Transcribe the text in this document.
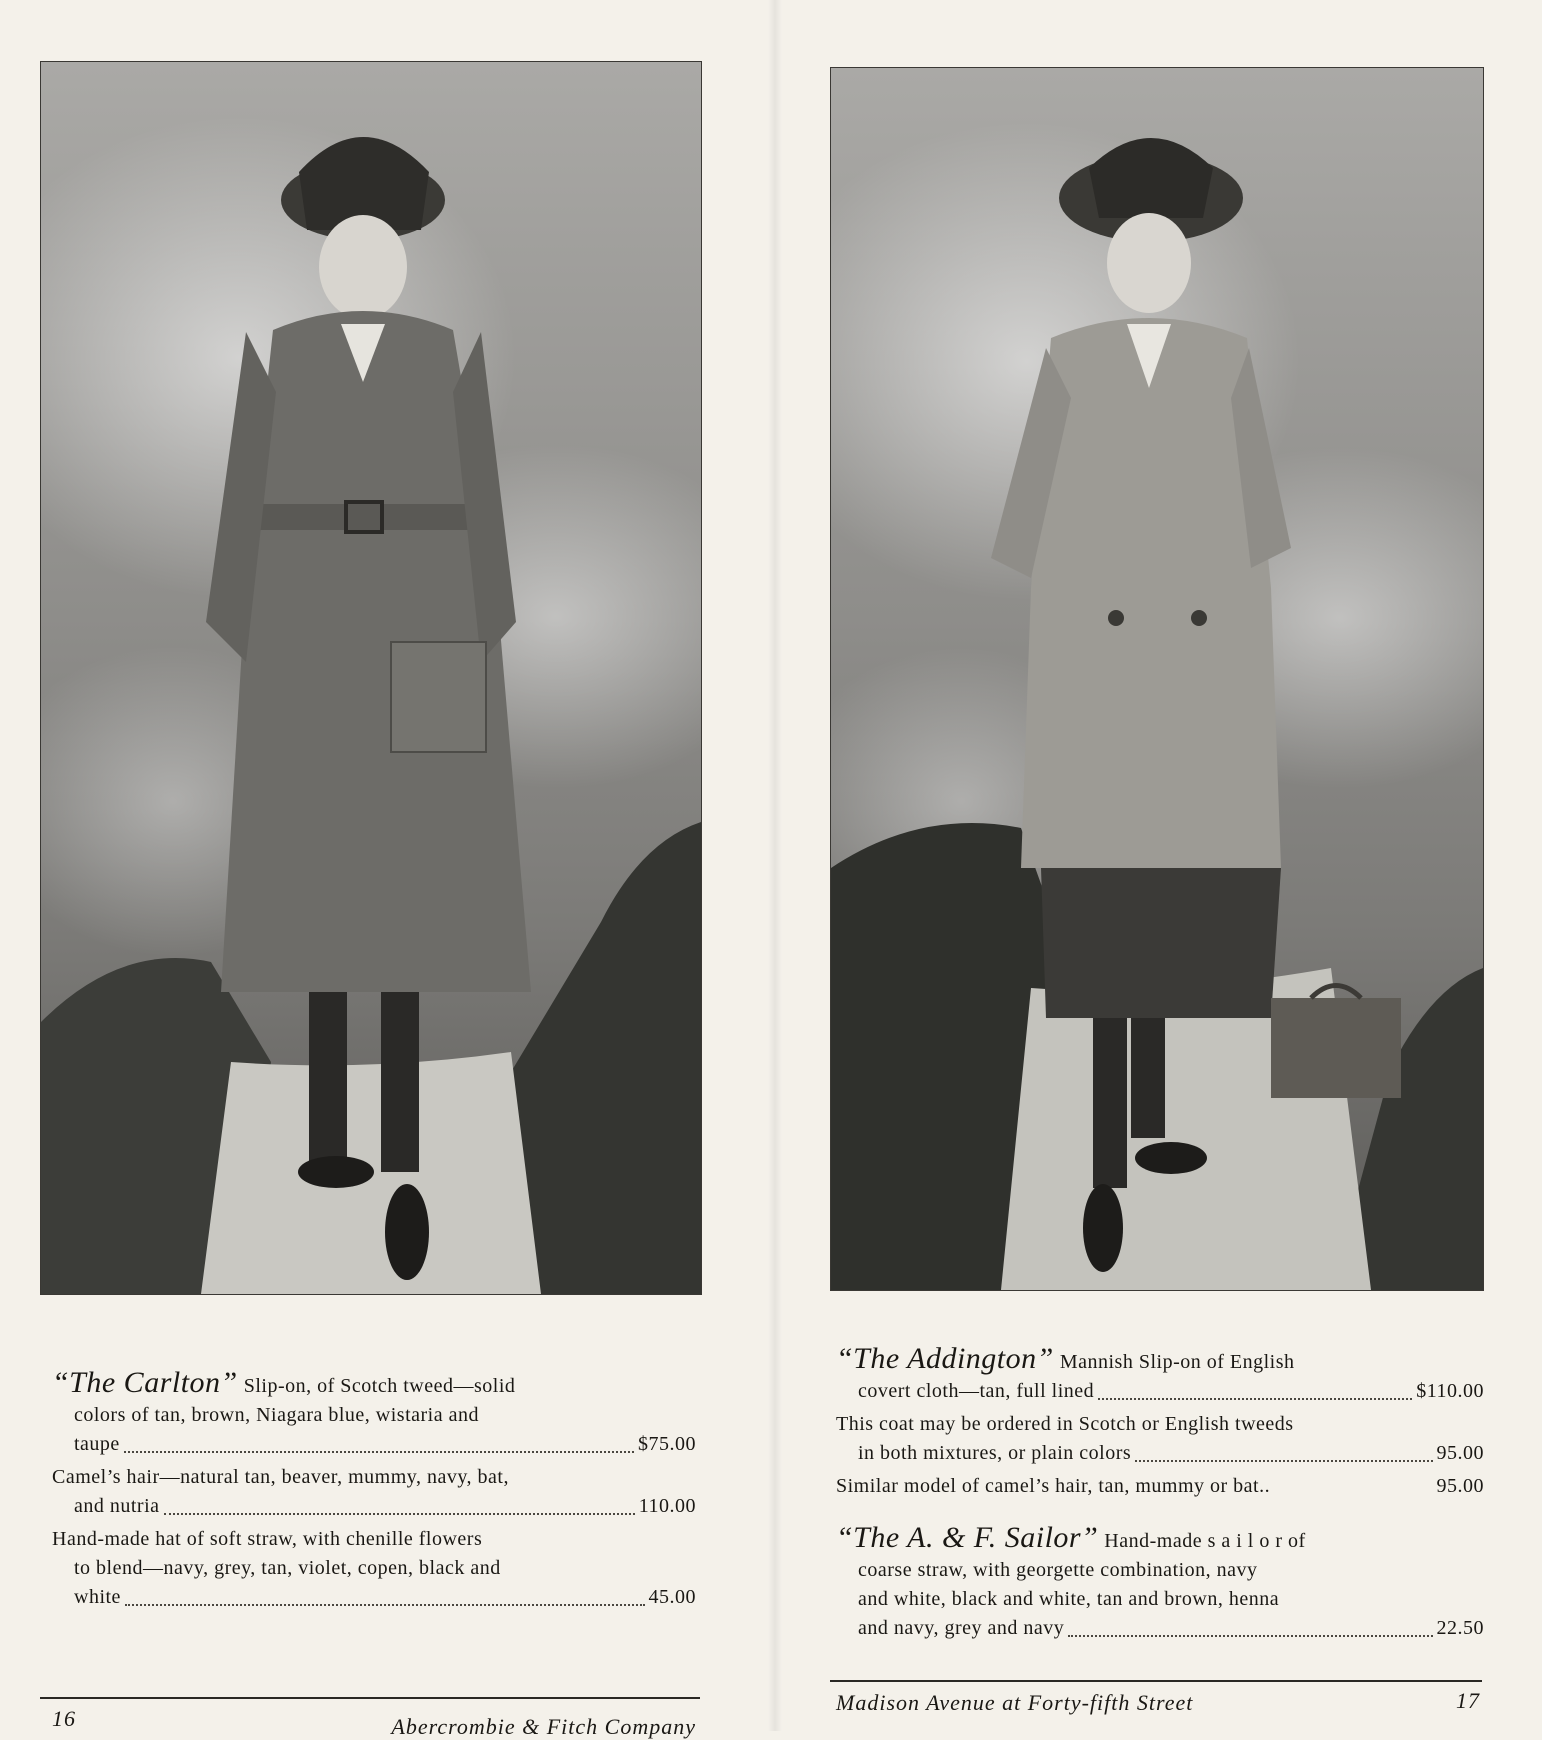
“The Carlton” Slip-on, of Scotch tweed—solid
colors of tan, brown, Niagara blue, wistaria and
taupe	$75.00
Camel’s hair—natural tan, beaver, mummy, navy, bat,
and nutria	110.00
Hand-made hat of soft straw, with chenille flowers
to blend—navy, grey, tan, violet, copen, black and
white	45.00
16	Abercrombie & Fitch Company
“The Addington” Mannish Slip-on of English
covert cloth—tan, full lined	$110.00
This coat may be ordered in Scotch or English tweeds
in both mixtures, or plain colors	95.00
Similar model of camel’s hair, tan, mummy or bat..	95.00
“The A. & F. Sailor” Hand-made s a i l o r of
coarse straw, with georgette combination, navy
and white, black and white, tan and brown, henna
and navy, grey and navy	22.50
Madison Avenue at Forty-fifth Street	17
